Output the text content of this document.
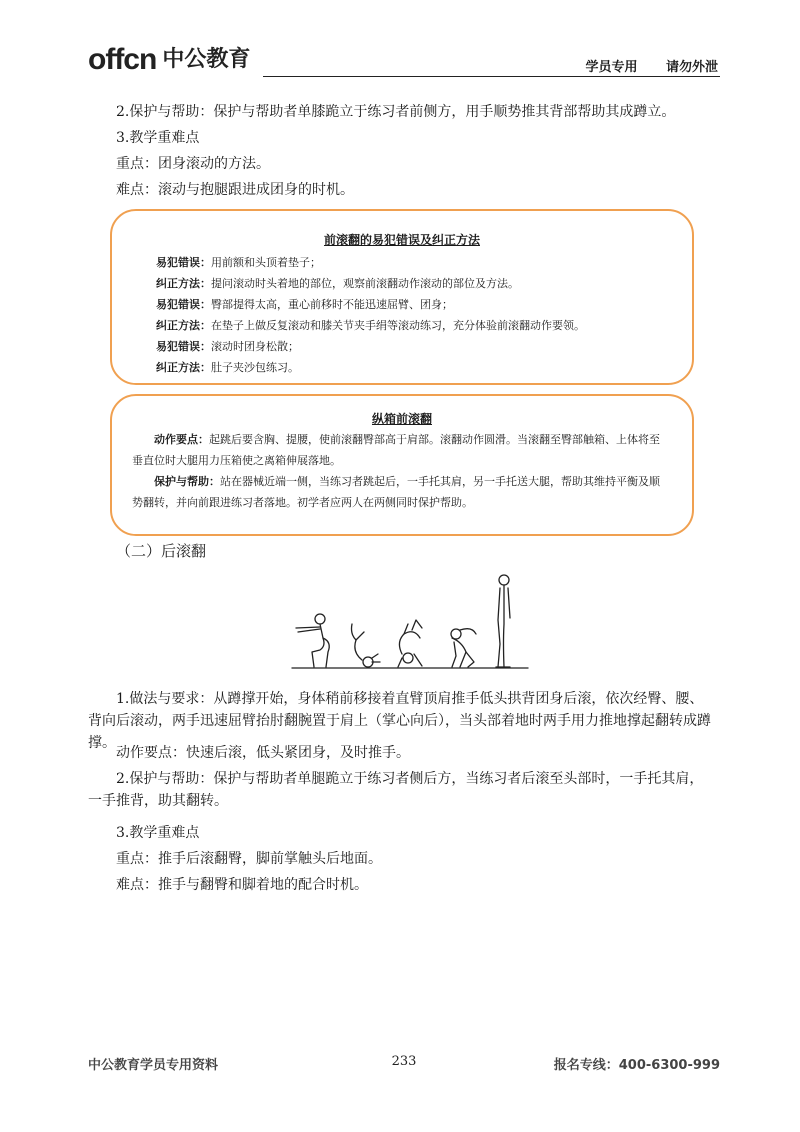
offcn 中公教育	学员专用 请勿外泄
2.保护与帮助：保护与帮助者单膝跪立于练习者前侧方，用手顺势推其背部帮助其成蹲立。
3.教学重难点
重点：团身滚动的方法。
难点：滚动与抱腿跟进成团身的时机。
前滚翻的易犯错误及纠正方法
易犯错误：用前额和头顶着垫子；
纠正方法：提问滚动时头着地的部位，观察前滚翻动作滚动的部位及方法。
易犯错误：臀部提得太高，重心前移时不能迅速屈臂、团身；
纠正方法：在垫子上做反复滚动和膝关节夹手绢等滚动练习，充分体验前滚翻动作要领。
易犯错误：滚动时团身松散；
纠正方法：肚子夹沙包练习。
纵箱前滚翻

动作要点：起跳后要含胸、提腰，使前滚翻臀部高于肩部。滚翻动作圆滑。当滚翻至臀部触箱、上体将至垂直位时大腿用力压箱使之离箱伸展落地。

保护与帮助：站在器械近端一侧，当练习者跳起后，一手托其肩，另一手托送大腿，帮助其维持平衡及顺势翻转，并向前跟进练习者落地。初学者应两人在两侧同时保护帮助。

（二）后滚翻
1.做法与要求：从蹲撑开始，身体稍前移接着直臂顶肩推手低头拱背团身后滚，依次经臀、腰、背向后滚动，两手迅速屈臂抬肘翻腕置于肩上（掌心向后），当头部着地时两手用力推地撑起翻转成蹲撑。
动作要点：快速后滚，低头紧团身，及时推手。
2.保护与帮助：保护与帮助者单腿跪立于练习者侧后方，当练习者后滚至头部时，一手托其肩，一手推背，助其翻转。
3.教学重难点
重点：推手后滚翻臀，脚前掌触头后地面。
难点：推手与翻臀和脚着地的配合时机。
中公教育学员专用资料	233	报名专线：400-6300-999
